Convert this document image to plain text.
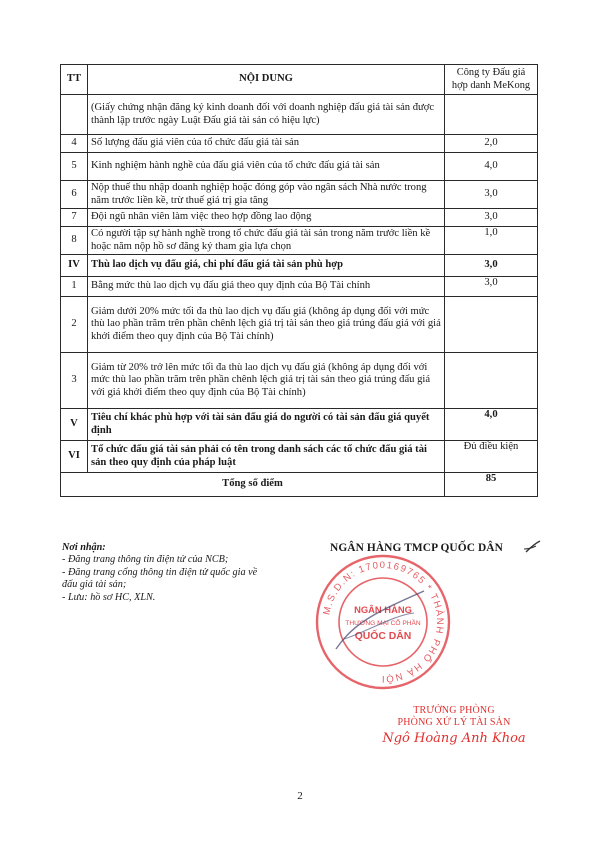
TT	NỘI DUNG	Công ty Đấu giá hợp danh MeKong
	(Giấy chứng nhận đăng ký kinh doanh đối với doanh nghiệp đấu giá tài sản được thành lập trước ngày Luật Đấu giá tài sản có hiệu lực)	
4	Số lượng đấu giá viên của tổ chức đấu giá tài sản	2,0
5	Kinh nghiệm hành nghề của đấu giá viên của tổ chức đấu giá tài sản	4,0
6	Nộp thuế thu nhập doanh nghiệp hoặc đóng góp vào ngân sách Nhà nước trong năm trước liền kề, trừ thuế giá trị gia tăng	3,0
7	Đội ngũ nhân viên làm việc theo hợp đồng lao động	3,0
8	Có người tập sự hành nghề trong tổ chức đấu giá tài sản trong năm trước liền kề hoặc năm nộp hồ sơ đăng ký tham gia lựa chọn	1,0
IV	Thù lao dịch vụ đấu giá, chi phí đấu giá tài sản phù hợp	3,0
1	Bằng mức thù lao dịch vụ đấu giá theo quy định của Bộ Tài chính	3,0
2	Giảm dưới 20% mức tối đa thù lao dịch vụ đấu giá (không áp dụng đối với mức thù lao phần trăm trên phần chênh lệch giá trị tài sản theo giá trúng đấu giá với giá khởi điểm theo quy định của Bộ Tài chính)	
3	Giảm từ 20% trở lên mức tối đa thù lao dịch vụ đấu giá (không áp dụng đối với mức thù lao phần trăm trên phần chênh lệch giá trị tài sản theo giá trúng đấu giá với giá khởi điểm theo quy định của Bộ Tài chính)	
V	Tiêu chí khác phù hợp với tài sản đấu giá do người có tài sản đấu giá quyết định	4,0
VI	Tổ chức đấu giá tài sản phải có tên trong danh sách các tổ chức đấu giá tài sản theo quy định của pháp luật	Đủ điều kiện
Tổng số điểm		85
Nơi nhận:
- Đăng trang thông tin điện tử của NCB;
- Đăng trang cổng thông tin điện tử quốc gia về đấu giá tài sản;
- Lưu: hồ sơ HC, XLN.
NGÂN HÀNG TMCP QUỐC DÂN
M.S.D.N: 1700169765 * THÀNH PHỐ HÀ NỘI
NGÂN HÀNG
THƯƠNG MẠI CỔ PHẦN
QUỐC DÂN
TRƯỞNG PHÒNG
PHÒNG XỬ LÝ TÀI SẢN
Ngô Hoàng Anh Khoa
2
